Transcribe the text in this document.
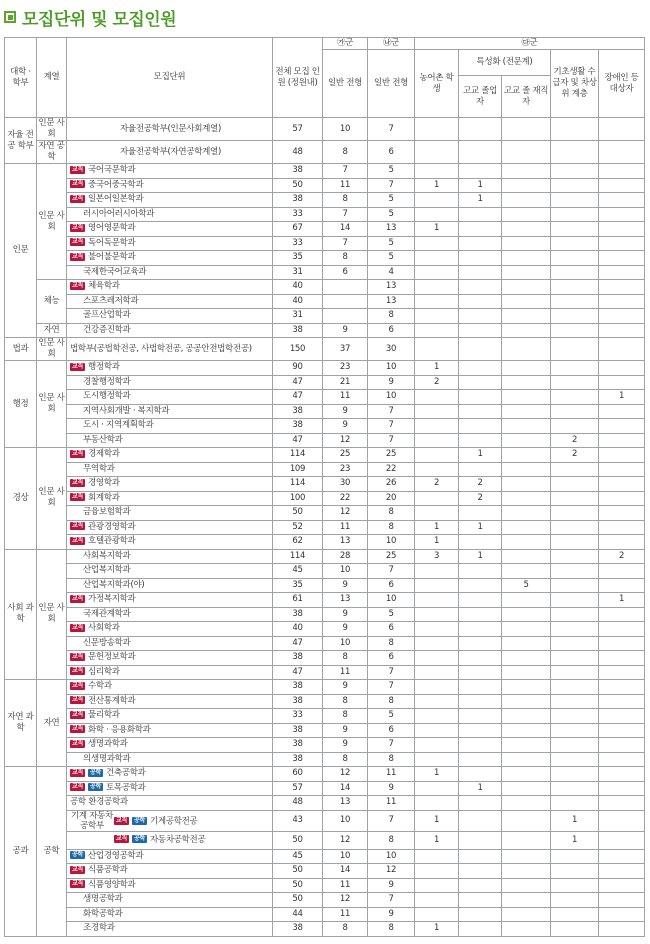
모집단위 및 모집인원
대학 · 학부	계열	모집단위	전체 모집 인원 (정원내)	㉮군	㉯군	㉰군				
				일반 전형	일반 전형	농어촌 학생	특성화 (전문계)		기초생활 수급자 및 차상위 계층	장애인 등 대상자
							고교 졸업자	고교 졸 재직자		

자율 전공 학부	인문 사회	자율전공학부(인문사회계열)	57	10	7					
	자연 공학	자율전공학부(자연공학계열)	48	8	6					
인문	인문 사회	교직 국어국문학과	38	7	5					
		교직 중국어중국학과	50	11	7	1	1			
		교직 일본어일본학과	38	8	5		1			
		러시아어러시아학과	33	7	5					
		교직 영어영문학과	67	14	13	1				
		교직 독어독문학과	33	7	5					
		교직 불어불문학과	35	8	5					
		국제한국어교육과	31	6	4					
	체능	교직 체육학과	40		13					
		스포츠레저학과	40		13					
		골프산업학과	31		8					
	자연	건강증진학과	38	9	6					
법과	인문 사회	법학부(공법학전공, 사법학전공, 공공안전법학전공)	150	37	30					
행정	인문 사회	교직 행정학과	90	23	10	1				
		경찰행정학과	47	21	9	2				
		도시행정학과	47	11	10					1
		지역사회개발 · 복지학과	38	9	7					
		도시 · 지역계획학과	38	9	7					
		부동산학과	47	12	7				2	
경상	인문 사회	교직 경제학과	114	25	25		1		2	
		무역학과	109	23	22					
		교직 경영학과	114	30	26	2	2			
		교직 회계학과	100	22	20		2			
		금융보험학과	50	12	8					
		교직 관광경영학과	52	11	8	1	1			
		교직 호텔관광학과	62	13	10	1				
사회 과학	인문 사회	사회복지학과	114	28	25	3	1			2
		산업복지학과	45	10	7					
		산업복지학과(야)	35	9	6			5		
		교직 가정복지학과	61	13	10					1
		국제관계학과	38	9	5					
		교직 사회학과	40	9	6					
		신문방송학과	47	10	8					
		교직 문헌정보학과	38	8	6					
		교직 심리학과	47	11	7					
자연 과학	자연	교직 수학과	38	9	7					
		교직 전산통계학과	38	8	8					
		교직 물리학과	33	8	5					
		교직 화학 · 응용화학과	38	9	6					
		교직 생명과학과	38	9	7					
		의생명과학과	38	8	8					
공과	공학	교직 공학 건축공학과	60	12	11	1				
		교직 공학 토목공학과	57	14	9		1			
		공학 환경공학과	48	13	11					
		기계 자동차 공학부교직 공학 기계공학전공	43	10	7	1			1	
		교직 공학 자동차공학전공	50	12	8	1			1	
		공학 산업경영공학과	45	10	10					
		교직 식품공학과	50	14	12					
		교직 식품영양학과	50	11	9					
		생명공학과	50	12	7					
		화학공학과	44	11	9					
		조경학과	38	8	8	1				
